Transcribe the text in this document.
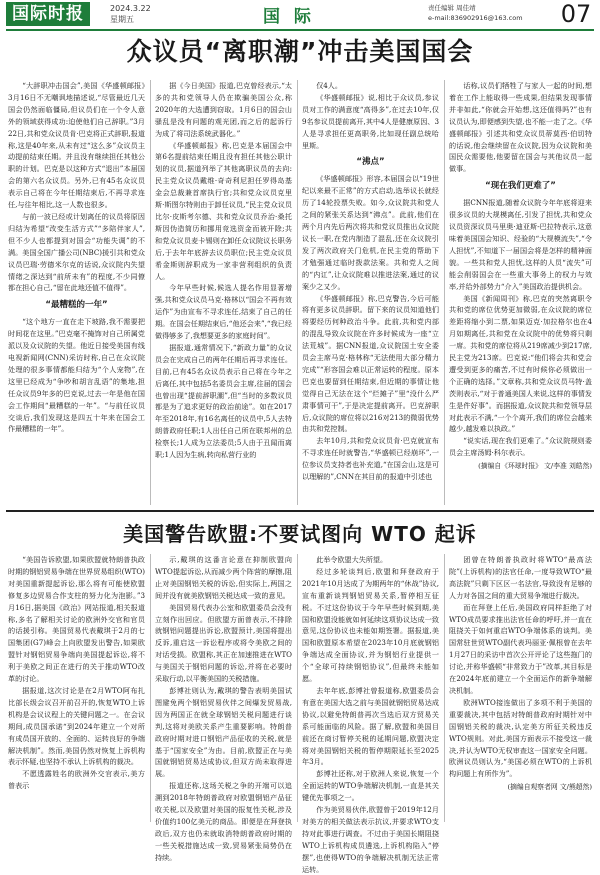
国际时报	2024.3.22
星期五	国 际	责任编辑 周佳靖
e-mail:836902916@163.com 07
众议员“离职潮”冲击美国国会

“大辞职冲击国会”,美国《华盛顿邮报》3月16日不无嘲讽地描述说,“尽管最近几天国会仍然面临僵局,但议员们在一个令人意外的领域获得成功:迫使他们自己辞职。”3月22日,共和党众议员肯·巴克将正式辞职,报道称,这是40年来,从未有过“这么多”众议员主动提前结束任期。并且没有继续担任其他公职的计划。巴克是以这种方式“退出”本届国会的第六名众议员。另外,已有45名众议员表示自己将在今年任期结束后,不再寻求连任,与往年相比,这一人数也很多。

与前一波已经或计划离任的议员将原因归结为希望“改变生活方式”“多陪伴家人”,但不少人也都提到对国会“功能失调”的不满。美国全国广播公司(NBC)援引共和党众议员巴瑞·劳德米尔克的话说,众议院内失望情绪之深达到“前所未有”的程度,不少同僚都在担心自己,“留在此地还值不值得”。

“最糟糕的一年”

“这个地方一直在走下坡路,我不需要把时间花在这里。”巴克毫不掩饰对自己所属党派以及众议院的失望。他近日接受美国有线电视新闻网(CNN)采访时称,自己在众议院处理的很多事情都能归结为“个人宠物”,在这里已经成为“争吵和胡言乱语”的集地,担任众议员9年多的巴克说,过去一年是他在国会工作期间“最糟糕的一年”。“与前任议员交谈后,我们发现这是四五十年来在国会工作最糟糕的一年”。

据《今日美国》报道,巴克曾经表示,“太多的共和党领导人仍在欺骗美国公众,称2020年的大选遭到窃取。1月6日的国会山骚乱是没有问题的观光团,而之后的起诉行为成了将司法系统武器化。”

《华盛顿邮报》称,巴克是本届国会中第6名提前结束任期且没有担任其他公职计划的议员,据道列举了其他离职议员的去向:民主党众议员戴维·奇奇利尼担任罗得岛基金会总裁兼首席执行官;共和党众议员克里斯·斯图尔特则由于卸任议员,“民主党众议员比尔·皮斯考尔德、共和党众议员乔治·桑托斯因伪造简历和挪用竞选资金而被开除;共和党众议员麦卡锡则在卸任众议院议长职务后,于去年年底辞去议员职位;民主党众议员希金斯则辞职成为一家非营利组织的负责人。

今年早些时候,候选人提名作用显著增强,共和党众议员马克·格林以“国会不再有效运作”为由宣布不寻求连任,结束了自己的任期。在国会任期结束后,“他还会来”,“我已经做得够多了,我想要更多的家庭时间”。

据报道,通常情况下,“新政力量”的众议员会在完成自己的两年任期后再寻求连任。目前,已有45名众议员表示自己将在今年之后离任,其中包括5名委员会主席,往届的国会也曾出现“提前辞职潮”,但“当时的多数议员都是为了追求更好的政治前途”。如在2017年至2018年,有16名离任的议员中,5人去特朗普政府任职;1人出任自己所在联邦州的总检察长;1人成为立法委员;5人由于丑闻而离职;1人因为生病,转向私营行业的

仅4人。

《华盛顿邮报》说,相比于众议员,参议员对工作的满意度“高得多”,在过去10年,仅9名参议员提前离开,其中4人是健康原因、3人是寻求担任更高职务,比如现任副总统哈里斯。

“沸点”

《华盛顿邮报》形容,本届国会以“19世纪以来最不正常”的方式启动,选举议长就经历了14轮投票失败。如今,众议院共和党人之间的紧张关系达到“沸点”。此前,他们在两个月内先后两次将共和党议员推出众议院议长一职,在党内制造了混乱,还在众议院引发了两次政府关门危机,在民主党的帮助下才勉强通过临时拨款法案。共和党人之间的“内讧”,让众议院难以推进法案,通过的议案少之又少。

《华盛顿邮报》称,巴克警告,今后可能将有更多议员辞职。留下来的议员知道他们将要经历何种政治斗争。此前,共和党内部的混乱导致众议院在许多时候成为一座“立法荒城”。据CNN报道,众议院国土安全委员会主席马克·格林称“无法使用大部分精力完成”“形容国会难以正常运转的程度。原本巴克也要留到任期结束,但近期的事情让他觉得自己无法在这个“烂摊子”里“没什么严肃事情可干”,于是决定提前离开。巴克辞职后,众议院的席位将以216对213的微弱优势由共和党控制。

去年10月,共和党众议员肯·巴克就宣布不寻求连任时就警告,“华盛顿已经崩坏”,一位参议员支持者也补充道,“在国会山,这是可以理解的”,CNN在其目前的报道中引述也

话称,议员们牺牲了与家人一起的时间,想着在工作上能取得一些成果,但结果发现事情并非如此,“你就会开始想,这还值得吗?”也有议员认为,即便感到失望,也不能一走了之。《华盛顿邮报》引述共和党众议员蒂莫西·伯切特的话说,他会继续留在众议院,因为众议院和美国民众需要他,他要留在国会与其他议员一起做事。

“现在我们更难了”

据CNN报道,随着众议院今年年底将迎来很多议员的大规模离任,引发了担忧,共和党众议员资深议员马里奥·迪亚斯-巴拉特表示,这意味着美国国会知识、经验的“大规模流失”,“令人担忧”,不知道下一届国会将是怎样的精神面貌。一些共和党人担忧,这样的人员“流失”可能会削弱国会在一些重大事务上的权力与效率,并给外部势力“介入”美国政治提供机会。

美国《新闻周刊》称,巴克的突然离职令共和党的席位优势更加微弱,在众议院的席位差距将缩小到二票,如果迈克·加拉格尔也在4月如期离任,共和党在众议院中的优势将只剩一席。共和党的席位将从219席减少到217席,民主党为213席。巴克说:“他们将会共和党会遭受到更多的痛苦,不过有时候你必须做出一个正确的选择。”文章称,共和党众议员马特·盖茨则表示,“对于普通美国人来说,这样的事情发生是件好事”。而据报道,众议院共和党领导层对此表示不满,“一个个离开,我们的席位会越来越少,越发难以执政。”

“说实话,现在我们更难了。”众议院规则委员会主席汤姆·科尔表示。

(摘编自《环球时报》 文/李准 刘皓然)

美国警告欧盟:不要试图向 WTO 起诉

“美国告诉欧盟,如果欧盟就特朗普执政时期的钢铝贸易争端在世界贸易组织(WTO)对美国重新提起诉讼,那么将有可能使欧盟修复多边贸易合作支柱的努力化为泡影。”3月16日,据美国《政治》网站报道,相关报道称,多名了解相关讨论的欧洲外交官和官员的话援引称。美国贸易代表戴琪于2月的七国集团(G7)峰会上向欧盟发出警告,如果欧盟针对钢铝贸易争端向美国提起诉讼,将不利于美欧之间正在进行的关于推动WTO改革的讨论。

据报道,这次讨论是在2月WTO阿布扎比部长级会议召开前召开的,恢复WTO上诉机构是会议议程上的关键问题之一。在会议期间,成员国承诺“到2024年建立一个对所有成员国开放的、全面的、运转良好的争端解决机制”。然而,美国仍然对恢复上诉机构表示怀疑,也坚持不承认上诉机构的裁决。

不愿透露姓名的欧洲外交官表示,美方曾表示

示,戴琪的这番言论意在抑制欧盟向WTO提起诉讼,从而减少两个阵营的摩擦,阻止对美国钢铝关税的诉讼,但实际上,两国之间并没有就美欧钢铝关税达成一致的意见。

美国贸易代表办公室和欧盟委员会没有立刻作出回应。但欧盟方面曾表示,不排除就钢铝问题提出诉讼,欧盟预计,美国将提出反诉,重启这一诉讼程序或将令美欧之间的对话受损。欧盟称,其正在加速推进在WTO与美国关于钢铝问题的诉讼,并将在必要时采取行动,以平衡美国的关税措施。

彭博社则认为,戴琪的警告表明美国试图避免两个钢铝贸易伙伴之间爆发贸易战,因为两国正在就全球钢铝关税问题进行谈判,这将对美欧关系产生重要影响。特朗普政府时期对进口钢铝产品征收的关税,就是基于“国家安全”为由。目前,欧盟正在与美国就钢铝贸易达成协议,但双方尚未取得进展。

报道还称,这场关税之争的开端可以追溯到2018年特朗普政府对欧盟钢铝产品征收关税,以及欧盟对美国的报复性关税,涉及价值约100亿美元的商品。即便是在拜登执政后,双方也仍未就取消特朗普政府时期的一些关税措施达成一致,贸易紧张局势仍在持续。

此举令欧盟大失所望。

经过多轮谈判后,欧盟和拜登政府于2021年10月达成了为期两年的“休战”协议,宣布重新谈判钢铝贸易关系,暂停相互征税。不过这份协议于今年早些时候到期,美国和欧盟没能就如何延续这项协议达成一致意见,这份协议也未能如期签署。据报道,美国和欧盟原本希望在2023年10月底就钢铝争端达成全面协议,并为钢铝行业提供一个“全球可持续钢铝协议”,但最终未能如愿。

去年年底,彭博社曾报道称,欧盟委员会有意在美国大选之前与美国就钢铝贸易达成协议,以避免特朗普再次当选后双方贸易关系可能面临的风险。据了解,欧盟和美国目前还在商讨暂停关税的延期问题,欧盟决定将对美国钢铝关税的暂停期限延长至2025年3月。

彭博社还称,对于欧洲人来说,恢复一个全面运转的WTO争端解决机制,一直是其关键优先事项之一。

作为美贸易伙伴,欧盟曾于2019年12月对美方的相关做法表示抗议,并要求WTO支持对此事进行调查。不过由于美国长期阻挠WTO上诉机构成员遴选,上诉机构陷入“停摆”,也使得WTO的争端解决机制无法正常运转。

团曾在特朗普执政时将WTO“最高法院”(上诉机构)的法官任命,一度导致WTO“最高法院”只剩下区区一名法官,导致没有足够的人力对各国之间的重大贸易争端进行裁决。

而在拜登上任后,美国政府同样拒绝了对WTO成员要求推出法官任命的呼吁,并一直在阻挠关于如何重启WTO争端体系的谈判。美国常驻世贸WTO副代表玛丽亚·佩根曾在去年1月27日的采访中首次公开评论了这些拖门的讨论,并称华盛顿“非常致力于”改革,其目标是在2024年底前建立一个全面运作的新争端解决机制。

欧洲WTO接连做出了多项不利于美国的重要裁决,其中包括对特朗普政府时期针对中国钢铝关税的裁决,认定美方所征关税违反WTO规则。对此,美国方面表示不接受这一裁决,并认为WTO无权审查这一国家安全问题。欧洲议员则认为,“美国必须在WTO的上诉机构问题上有所作为”。

(摘编自观察者网 文/熊超然)
